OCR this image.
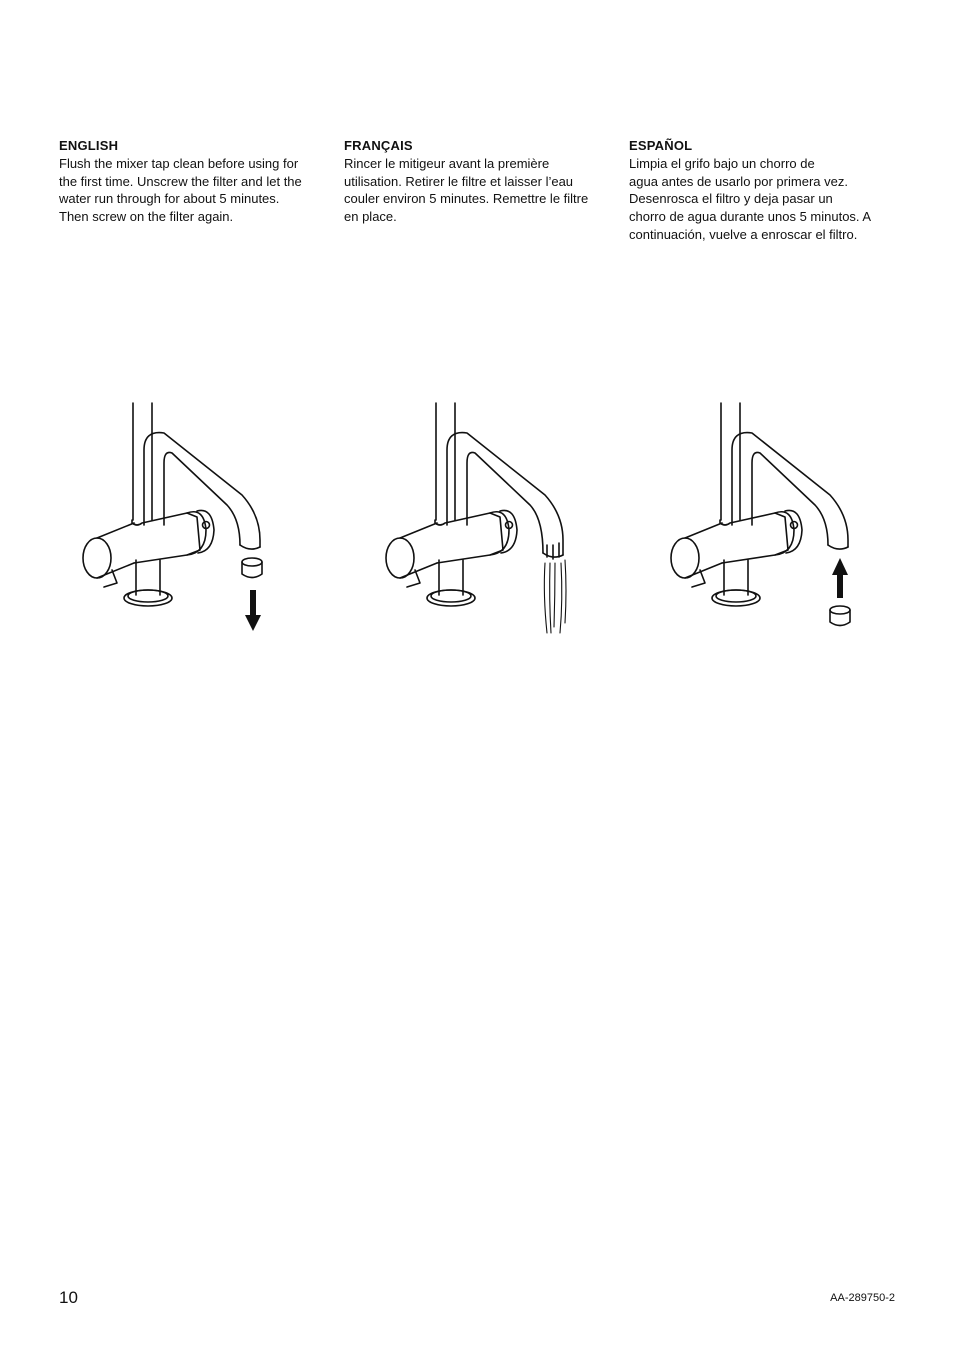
ENGLISH
Flush the mixer tap clean before using for
the first time. Unscrew the filter and let the
water run through for about 5 minutes.
Then screw on the filter again.
FRANÇAIS
Rincer le mitigeur avant la première
utilisation. Retirer le filtre et laisser l’eau
couler environ 5 minutes. Remettre le filtre
en place.
ESPAÑOL
Limpia el grifo bajo un chorro de
agua antes de usarlo por primera vez.
Desenrosca el filtro y deja pasar un
chorro de agua durante unos 5 minutos. A
continuación, vuelve a enroscar el filtro.
10	AA-289750-2
